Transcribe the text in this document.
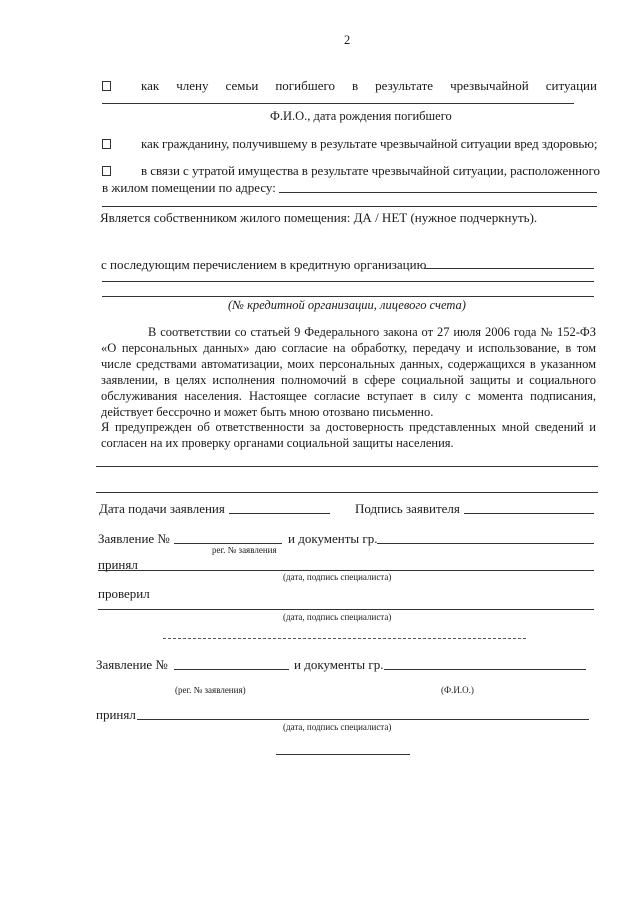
2
как члену семьи погибшего в результате чрезвычайной ситуации
Ф.И.О., дата рождения погибшего
как гражданину, получившему в результате чрезвычайной ситуации вред здоровью;
в связи с утратой имущества в результате чрезвычайной ситуации, расположенного
в жилом помещении по адресу:
Является собственником жилого помещения: ДА / НЕТ (нужное подчеркнуть).
с последующим перечислением в кредитную организацию
(№ кредитной организации, лицевого счета)
В соответствии со статьей 9 Федерального закона от 27 июля 2006 года № 152-ФЗ
«О персональных данных» даю согласие на обработку, передачу и использование, в том
числе средствами автоматизации, моих персональных данных, содержащихся в указанном
заявлении, в целях исполнения полномочий в сфере социальной защиты и социального
обслуживания населения. Настоящее согласие вступает в силу с момента подписания,
действует бессрочно и может быть мною отозвано письменно.
Я предупрежден об ответственности за достоверность представленных мной сведений и
согласен на их проверку органами социальной защиты населения.
Дата подачи заявления	Подпись заявителя
Заявление №	и документы гр.
рег. № заявления
принял
(дата, подпись специалиста)
проверил
(дата, подпись специалиста)
Заявление №	и документы гр.
(рег. № заявления)	(Ф.И.О.)
принял
(дата, подпись специалиста)
